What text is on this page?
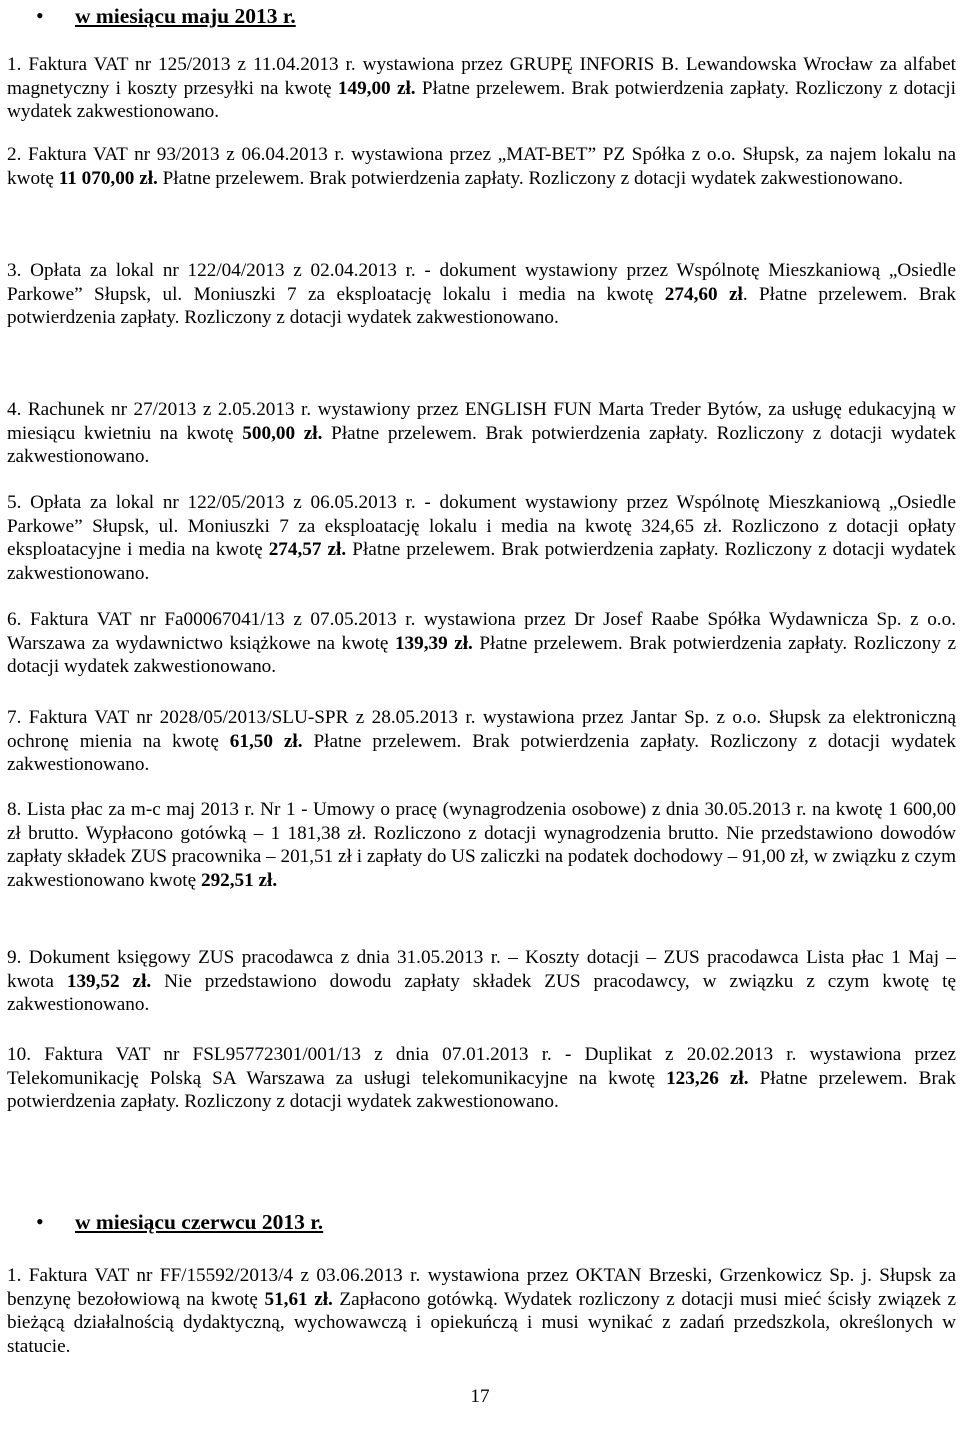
• w miesiącu maju 2013 r.
1. Faktura VAT nr 125/2013 z 11.04.2013 r. wystawiona przez GRUPĘ INFORIS B. Lewandowska Wrocław za alfabet magnetyczny i koszty przesyłki na kwotę 149,00 zł. Płatne przelewem. Brak potwierdzenia zapłaty. Rozliczony z dotacji wydatek zakwestionowano.
2. Faktura VAT nr 93/2013 z 06.04.2013 r. wystawiona przez „MAT-BET” PZ Spółka z o.o. Słupsk, za najem lokalu na kwotę 11 070,00 zł. Płatne przelewem. Brak potwierdzenia zapłaty. Rozliczony z dotacji wydatek zakwestionowano.
3. Opłata za lokal nr 122/04/2013 z 02.04.2013 r. - dokument wystawiony przez Wspólnotę Mieszkaniową „Osiedle Parkowe” Słupsk, ul. Moniuszki 7 za eksploatację lokalu i media na kwotę 274,60 zł. Płatne przelewem. Brak potwierdzenia zapłaty. Rozliczony z dotacji wydatek zakwestionowano.
4. Rachunek nr 27/2013 z 2.05.2013 r. wystawiony przez ENGLISH FUN Marta Treder Bytów, za usługę edukacyjną w miesiącu kwietniu na kwotę 500,00 zł. Płatne przelewem. Brak potwierdzenia zapłaty. Rozliczony z dotacji wydatek zakwestionowano.
5. Opłata za lokal nr 122/05/2013 z 06.05.2013 r. - dokument wystawiony przez Wspólnotę Mieszkaniową „Osiedle Parkowe” Słupsk, ul. Moniuszki 7 za eksploatację lokalu i media na kwotę 324,65 zł. Rozliczono z dotacji opłaty eksploatacyjne i media na kwotę 274,57 zł. Płatne przelewem. Brak potwierdzenia zapłaty. Rozliczony z dotacji wydatek zakwestionowano.
6. Faktura VAT nr Fa00067041/13 z 07.05.2013 r. wystawiona przez Dr Josef Raabe Spółka Wydawnicza Sp. z o.o. Warszawa za wydawnictwo książkowe na kwotę 139,39 zł. Płatne przelewem. Brak potwierdzenia zapłaty. Rozliczony z dotacji wydatek zakwestionowano.
7. Faktura VAT nr 2028/05/2013/SLU-SPR z 28.05.2013 r. wystawiona przez Jantar Sp. z o.o. Słupsk za elektroniczną ochronę mienia na kwotę 61,50 zł. Płatne przelewem. Brak potwierdzenia zapłaty. Rozliczony z dotacji wydatek zakwestionowano.
8. Lista płac za m-c maj 2013 r. Nr 1 - Umowy o pracę (wynagrodzenia osobowe) z dnia 30.05.2013 r. na kwotę 1 600,00 zł brutto. Wypłacono gotówką – 1 181,38 zł. Rozliczono z dotacji wynagrodzenia brutto. Nie przedstawiono dowodów zapłaty składek ZUS pracownika – 201,51 zł i zapłaty do US zaliczki na podatek dochodowy – 91,00 zł, w związku z czym zakwestionowano kwotę 292,51 zł.
9. Dokument księgowy ZUS pracodawca z dnia 31.05.2013 r. – Koszty dotacji – ZUS pracodawca Lista płac 1 Maj – kwota 139,52 zł. Nie przedstawiono dowodu zapłaty składek ZUS pracodawcy, w związku z czym kwotę tę zakwestionowano.
10. Faktura VAT nr FSL95772301/001/13 z dnia 07.01.2013 r. - Duplikat z 20.02.2013 r. wystawiona przez Telekomunikację Polską SA Warszawa za usługi telekomunikacyjne na kwotę 123,26 zł. Płatne przelewem. Brak potwierdzenia zapłaty. Rozliczony z dotacji wydatek zakwestionowano.
• w miesiącu czerwcu 2013 r.
1. Faktura VAT nr FF/15592/2013/4 z 03.06.2013 r. wystawiona przez OKTAN Brzeski, Grzenkowicz Sp. j. Słupsk za benzynę bezołowiową na kwotę 51,61 zł. Zapłacono gotówką. Wydatek rozliczony z dotacji musi mieć ścisły związek z bieżącą działalnością dydaktyczną, wychowawczą i opiekuńczą i musi wynikać z zadań przedszkola, określonych w statucie.
17
